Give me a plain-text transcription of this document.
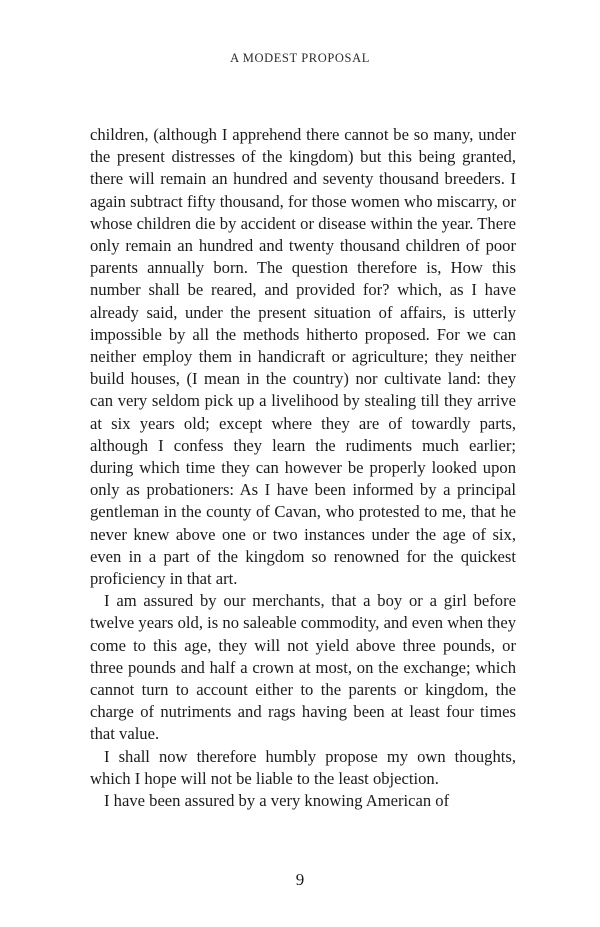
A MODEST PROPOSAL

children, (although I apprehend there cannot be so many, under the present distresses of the kingdom) but this being granted, there will remain an hundred and seventy thousand breeders. I again subtract fifty thousand, for those women who miscarry, or whose children die by accident or disease within the year. There only remain an hundred and twenty thousand children of poor parents annually born. The question therefore is, How this number shall be reared, and provided for? which, as I have already said, under the present situation of affairs, is utterly impossible by all the methods hitherto proposed. For we can neither employ them in handicraft or agriculture; they neither build houses, (I mean in the country) nor cultivate land: they can very seldom pick up a livelihood by stealing till they arrive at six years old; except where they are of towardly parts, although I confess they learn the rudiments much earlier; during which time they can however be properly looked upon only as probationers: As I have been informed by a principal gentleman in the county of Cavan, who protested to me, that he never knew above one or two instances under the age of six, even in a part of the kingdom so renowned for the quickest proficiency in that art.

I am assured by our merchants, that a boy or a girl before twelve years old, is no saleable commodity, and even when they come to this age, they will not yield above three pounds, or three pounds and half a crown at most, on the exchange; which cannot turn to account either to the parents or kingdom, the charge of nutriments and rags having been at least four times that value.

I shall now therefore humbly propose my own thoughts, which I hope will not be liable to the least objection.

I have been assured by a very knowing American of

9
